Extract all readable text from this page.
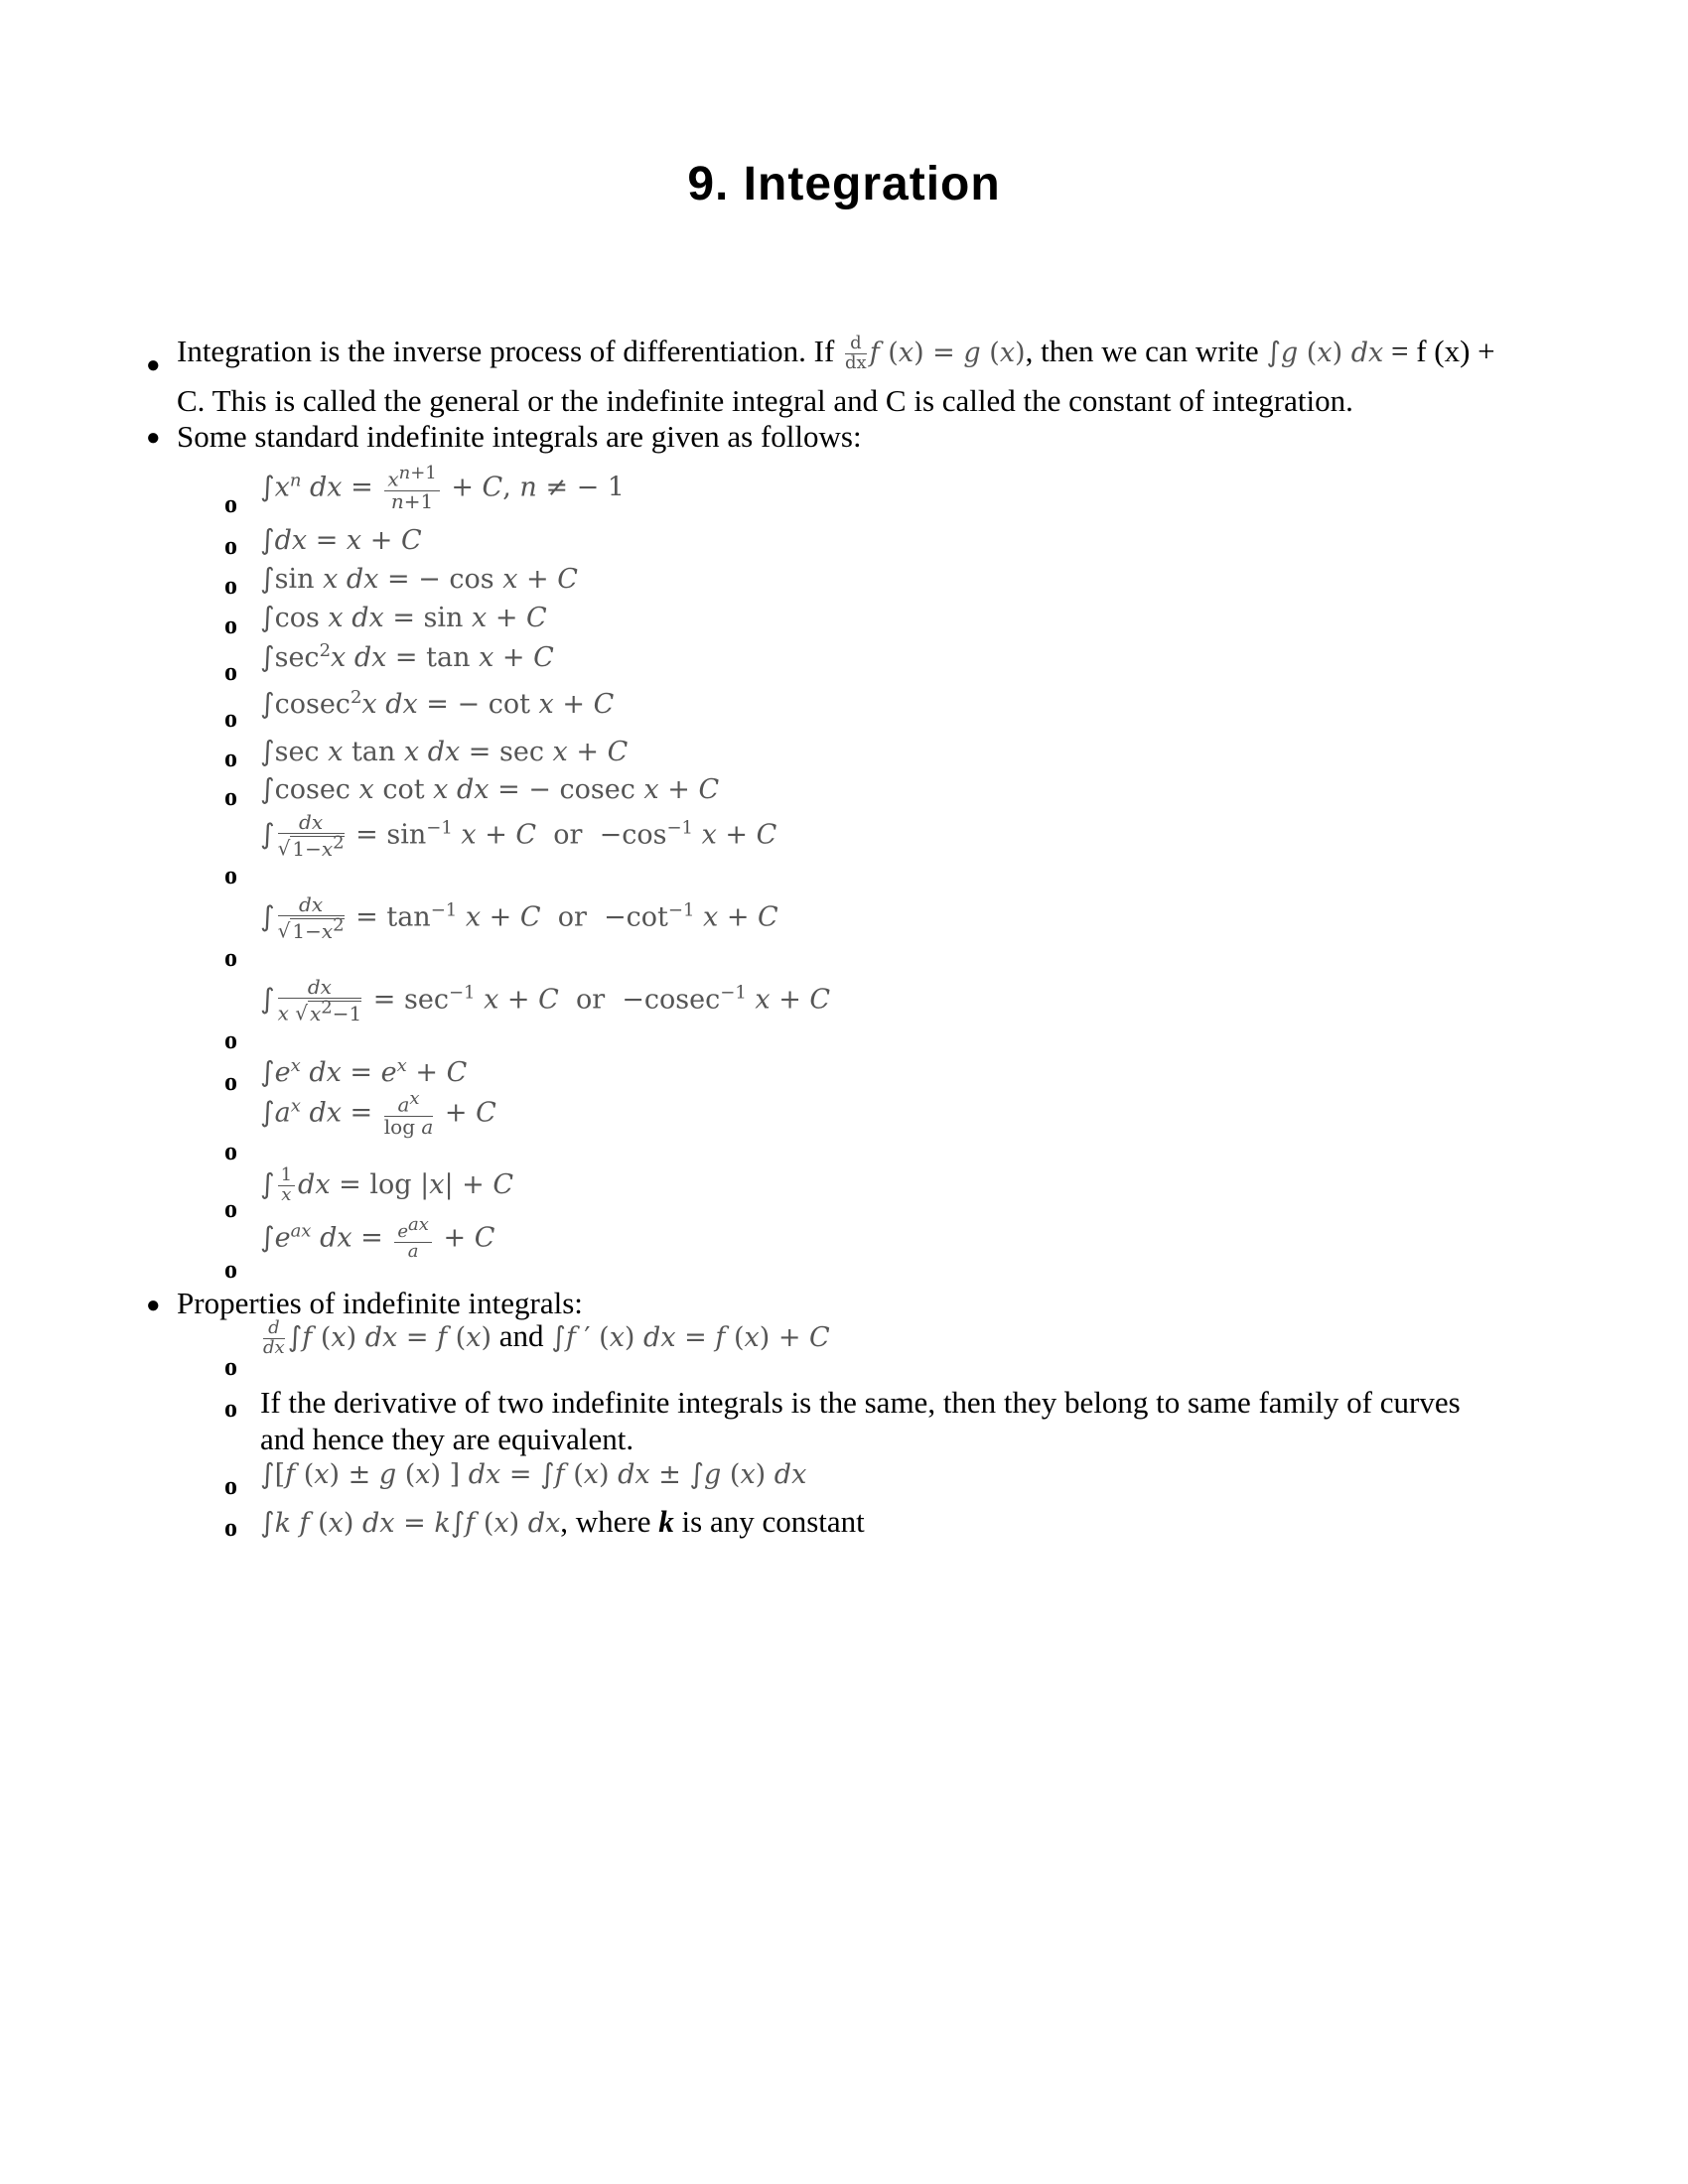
9. Integration
● Integration is the inverse process of differentiation. If $\frac{d}{dx}$ f (x) = g (x), then we can write ∫g (x) dx = f (x) +
C. This is called the general or the indefinite integral and C is called the constant of integration.
● Some standard indefinite integrals are given as follows:
o
$\int x^n$ dx = $\frac{x^{n+1}}{n+1} + C$, n ≠ − 1
o ∫dx = x + C
o ∫sin x dx = − cos x + C
o ∫cos x dx = sin x + C
o $\int\sec^2x$ dx = tan x + C
o ∫cosec$^2$x dx = − cot x + C
o ∫sec x tan x dx = sec x + C
o ∫cosec x cot x dx = − cosec x + C
o
∫ $\frac{dx}{√ 1-x^2} = \sin^{-1} x + C$  or  $-\cos^{-1}$ x + C
o
∫ $\frac{dx}{√ 1-x^2} = \tan^{-1} x + C$  or  $-\cot^{-1}$ x + C
o
∫ $\frac{dx}{x √ x^2-1} = \sec^{-1} x + C$  or  −cosec$^{-1}$ x + C
o $\int e^x$ dx = $e^x + C$
o
$\int a^x$ dx = $\frac{a^x}{\text{log a}} + C$
o
∫ $\frac{1}{x}$ dx = log |x| + C
o
$\int e^{ax}$ dx = $\frac{e^{ax}}{a} + C$
● Properties of indefinite integrals:
o
$\frac{d}{dx} \int f$ (x) dx = f (x) and ∫f ′ (x) dx = f (x) + C
o If the derivative of two indefinite integrals is the same, then they belong to same family of curves
and hence they are equivalent.
o ∫[f (x) ± g (x) ] dx = ∫f (x) dx ± ∫g (x) dx
o ∫k f (x) dx = k∫f (x) dx, where k is any constant
